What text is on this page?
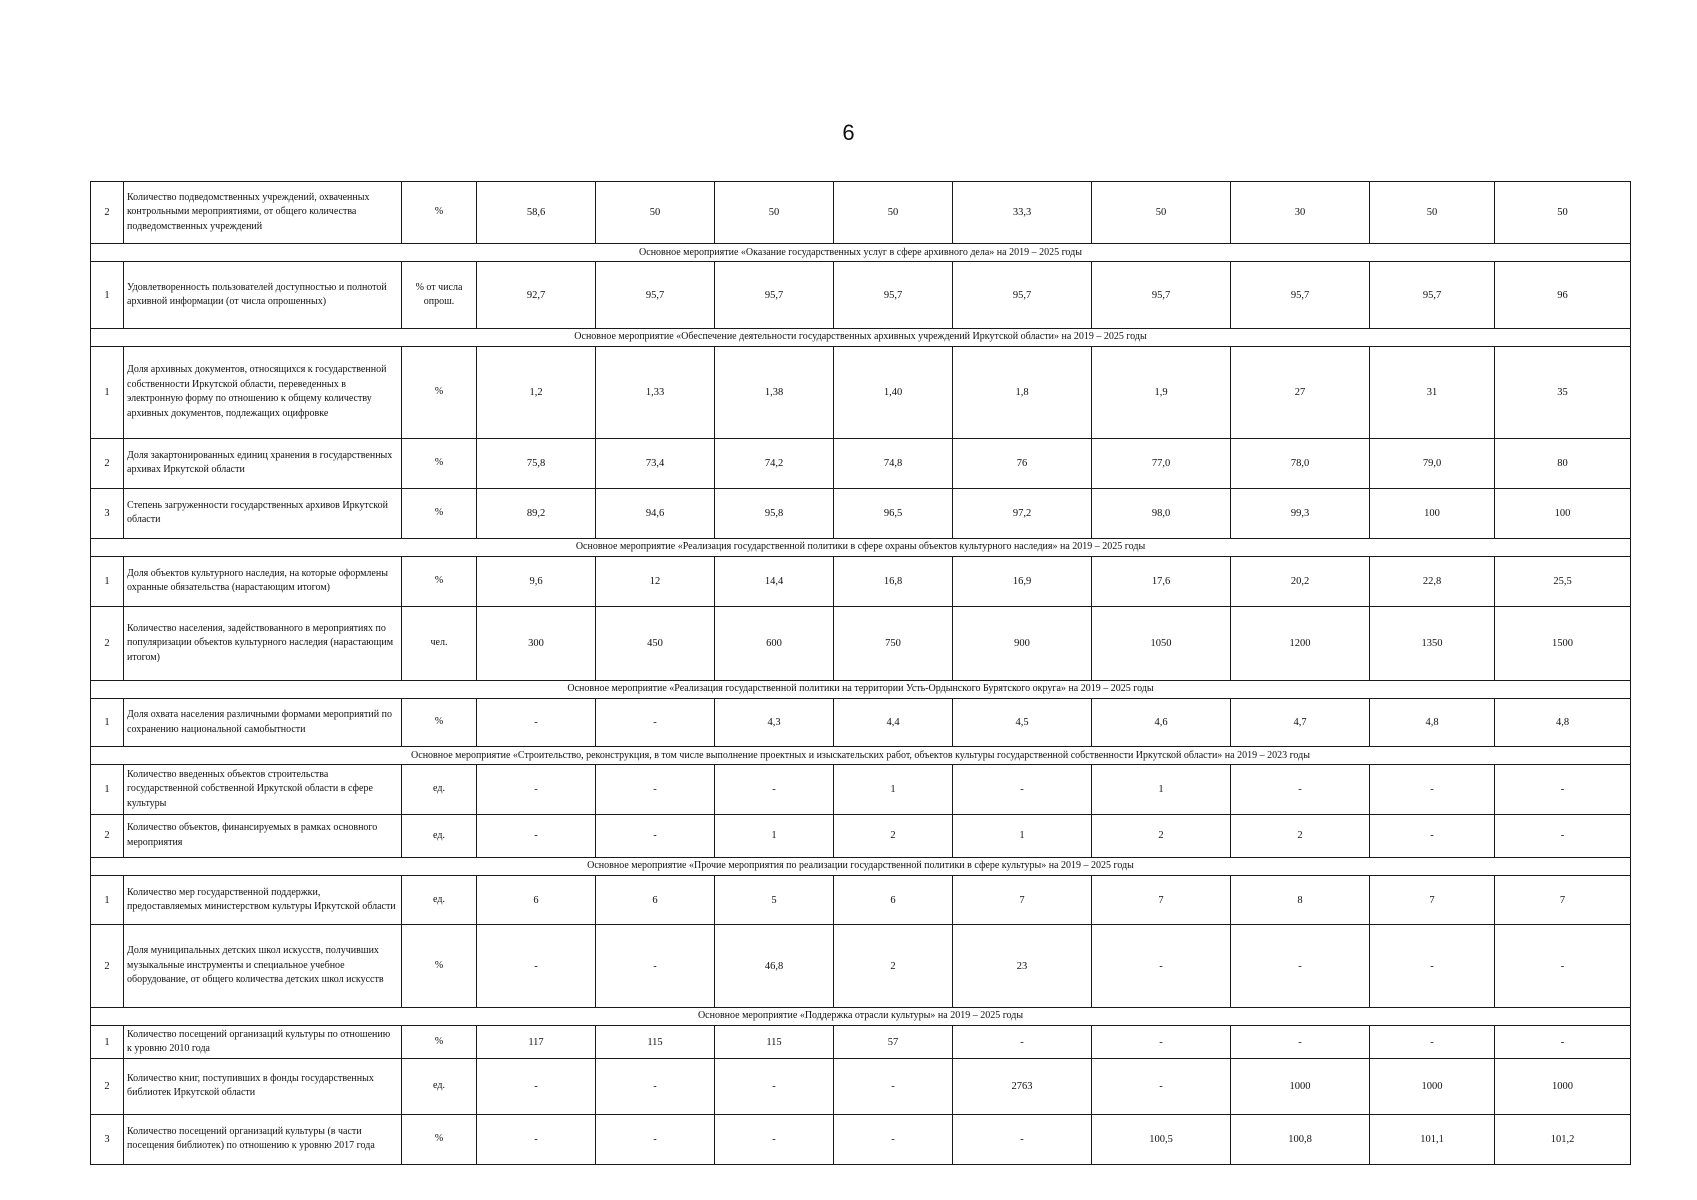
6
2	Количество подведомственных учреждений, охваченных контрольными мероприятиями, от общего количества подведомственных учреждений	%	58,6	50	50	50	33,3	50	30	50	50
Основное мероприятие «Оказание государственных услуг в сфере архивного дела» на 2019 – 2025 годы											
1	Удовлетворенность пользователей доступностью и полнотой архивной информации (от числа опрошенных)	% от числа опрош.	92,7	95,7	95,7	95,7	95,7	95,7	95,7	95,7	96
Основное мероприятие «Обеспечение деятельности государственных архивных учреждений Иркутской области» на 2019 – 2025 годы											
1	Доля архивных документов, относящихся к государственной собственности Иркутской области, переведенных в электронную форму по отношению к общему количеству архивных документов, подлежащих оцифровке	%	1,2	1,33	1,38	1,40	1,8	1,9	27	31	35
2	Доля закартонированных единиц хранения в государственных архивах Иркутской области	%	75,8	73,4	74,2	74,8	76	77,0	78,0	79,0	80
3	Степень загруженности государственных архивов Иркутской области	%	89,2	94,6	95,8	96,5	97,2	98,0	99,3	100	100
Основное мероприятие «Реализация государственной политики в сфере охраны объектов культурного наследия» на 2019 – 2025 годы											
1	Доля объектов культурного наследия, на которые оформлены охранные обязательства (нарастающим итогом)	%	9,6	12	14,4	16,8	16,9	17,6	20,2	22,8	25,5
2	Количество населения, задействованного в мероприятиях по популяризации объектов культурного наследия (нарастающим итогом)	чел.	300	450	600	750	900	1050	1200	1350	1500
Основное мероприятие «Реализация государственной политики на территории Усть-Ордынского Бурятского округа» на 2019 – 2025 годы											
1	Доля охвата населения различными формами мероприятий по сохранению национальной самобытности	%	-	-	4,3	4,4	4,5	4,6	4,7	4,8	4,8
Основное мероприятие «Строительство, реконструкция, в том числе выполнение проектных и изыскательских работ, объектов культуры государственной собственности Иркутской области» на 2019 – 2023 годы											
1	Количество введенных объектов строительства государственной собственной Иркутской области в сфере культуры	ед.	-	-	-	1	-	1	-	-	-
2	Количество объектов, финансируемых в рамках основного мероприятия	ед.	-	-	1	2	1	2	2	-	-
Основное мероприятие «Прочие мероприятия по реализации государственной политики в сфере культуры» на 2019 – 2025 годы											
1	Количество мер государственной поддержки, предоставляемых министерством культуры Иркутской области	ед.	6	6	5	6	7	7	8	7	7
2	Доля муниципальных детских школ искусств, получивших музыкальные инструменты и специальное учебное оборудование, от общего количества детских школ искусств	%	-	-	46,8	2	23	-	-	-	-
Основное мероприятие «Поддержка отрасли культуры» на 2019 – 2025 годы											
1	Количество посещений организаций культуры по отношению к уровню 2010 года	%	117	115	115	57	-	-	-	-	-
2	Количество книг, поступивших в фонды государственных библиотек Иркутской области	ед.	-	-	-	-	2763	-	1000	1000	1000
3	Количество посещений организаций культуры (в части посещения библиотек) по отношению к уровню 2017 года	%	-	-	-	-	-	100,5	100,8	101,1	101,2
